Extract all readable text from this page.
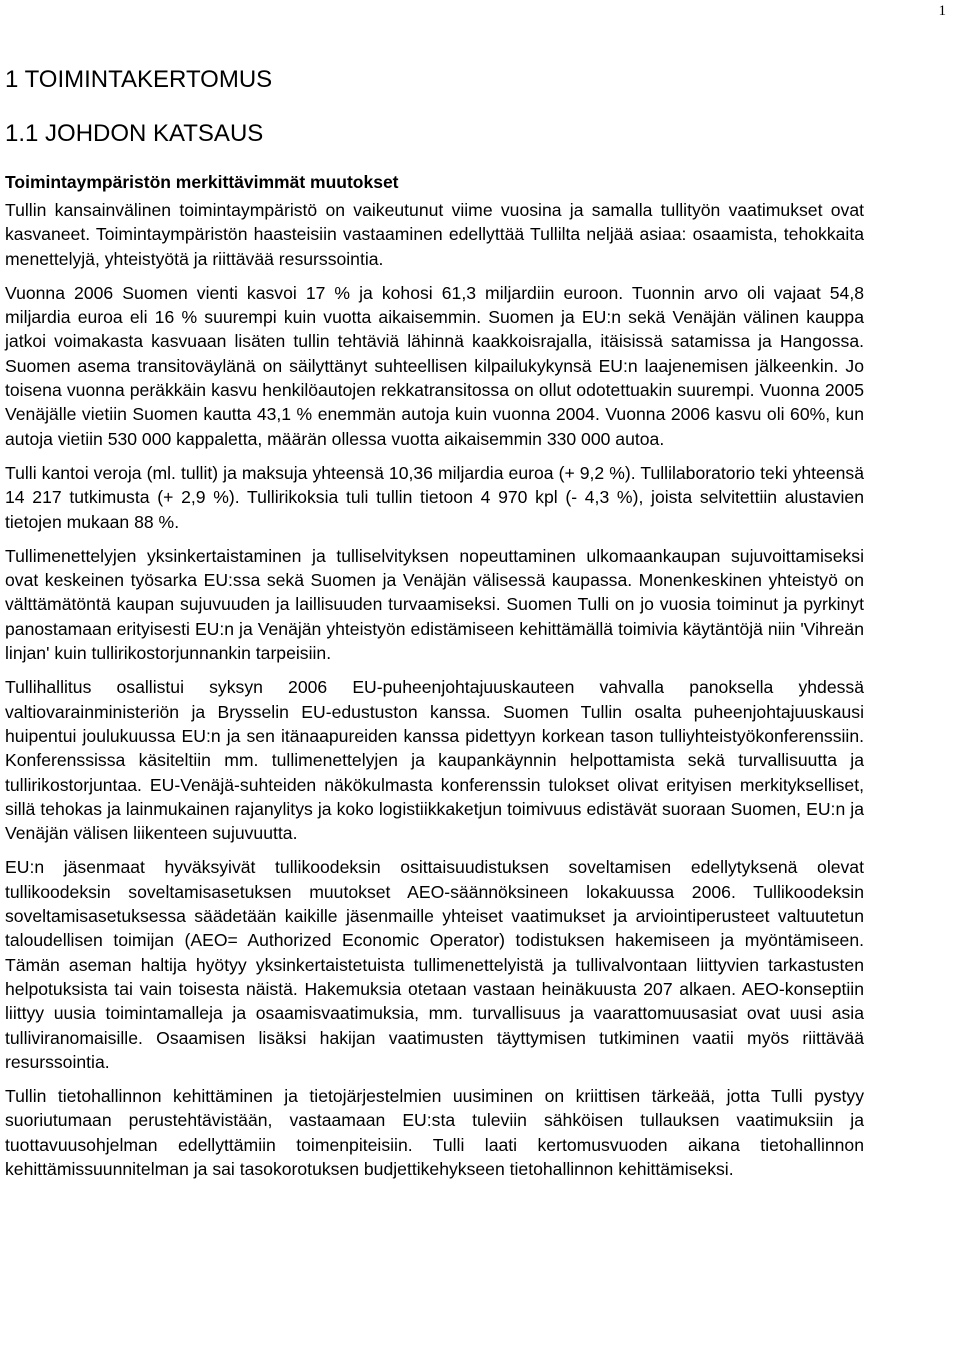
1
1 TOIMINTAKERTOMUS
1.1 JOHDON KATSAUS
Toimintaympäristön merkittävimmät muutokset

Tullin kansainvälinen toimintaympäristö on vaikeutunut viime vuosina ja samalla tullityön vaatimukset ovat kasvaneet. Toimintaympäristön haasteisiin vastaaminen edellyttää Tullilta neljää asiaa: osaamista, tehokkaita menettelyjä, yhteistyötä ja riittävää resurssointia.

Vuonna 2006 Suomen vienti kasvoi 17 % ja kohosi 61,3 miljardiin euroon. Tuonnin arvo oli vajaat 54,8 miljardia euroa eli 16 % suurempi kuin vuotta aikaisemmin. Suomen ja EU:n sekä Venäjän välinen kauppa jatkoi voimakasta kasvuaan lisäten tullin tehtäviä lähinnä kaakkoisrajalla, itäisissä satamissa ja Hangossa. Suomen asema transitoväylänä on säilyttänyt suhteellisen kilpailukykynsä EU:n laajenemisen jälkeenkin. Jo toisena vuonna peräkkäin kasvu henkilöautojen rekkatransitossa on ollut odotettuakin suurempi. Vuonna 2005 Venäjälle vietiin Suomen kautta 43,1 % enemmän autoja kuin vuonna 2004. Vuonna 2006 kasvu oli 60%, kun autoja vietiin 530 000 kappaletta, määrän ollessa vuotta aikaisemmin 330 000 autoa.

Tulli kantoi veroja (ml. tullit) ja maksuja yhteensä 10,36 miljardia euroa (+ 9,2 %). Tullilaboratorio teki yhteensä 14 217 tutkimusta (+ 2,9 %). Tullirikoksia tuli tullin tietoon 4 970 kpl (- 4,3 %), joista selvitettiin alustavien tietojen mukaan 88 %.

Tullimenettelyjen yksinkertaistaminen ja tulliselvityksen nopeuttaminen ulkomaankaupan sujuvoittamiseksi ovat keskeinen työsarka EU:ssa sekä Suomen ja Venäjän välisessä kaupassa. Monenkeskinen yhteistyö on välttämätöntä kaupan sujuvuuden ja laillisuuden turvaamiseksi. Suomen Tulli on jo vuosia toiminut ja pyrkinyt panostamaan erityisesti EU:n ja Venäjän yhteistyön edistämiseen kehittämällä toimivia käytäntöjä niin 'Vihreän linjan' kuin tullirikostorjunnankin tarpeisiin.

Tullihallitus osallistui syksyn 2006 EU-puheenjohtajuuskauteen vahvalla panoksella yhdessä valtiovarainministeriön ja Brysselin EU-edustuston kanssa. Suomen Tullin osalta puheenjohtajuuskausi huipentui joulukuussa EU:n ja sen itänaapureiden kanssa pidettyyn korkean tason tulliyhteistyökonferenssiin. Konferenssissa käsiteltiin mm. tullimenettelyjen ja kaupankäynnin helpottamista sekä turvallisuutta ja tullirikostorjuntaa. EU-Venäjä-suhteiden näkökulmasta konferenssin tulokset olivat erityisen merkitykselliset, sillä tehokas ja lainmukainen rajanylitys ja koko logistiikkaketjun toimivuus edistävät suoraan Suomen, EU:n ja Venäjän välisen liikenteen sujuvuutta.

EU:n jäsenmaat hyväksyivät tullikoodeksin osittaisuudistuksen soveltamisen edellytyksenä olevat tullikoodeksin soveltamisasetuksen muutokset AEO-säännöksineen lokakuussa 2006. Tullikoodeksin soveltamisasetuksessa säädetään kaikille jäsenmaille yhteiset vaatimukset ja arviointiperusteet valtuutetun taloudellisen toimijan (AEO= Authorized Economic Operator) todistuksen hakemiseen ja myöntämiseen. Tämän aseman haltija hyötyy yksinkertaistetuista tullimenettelyistä ja tullivalvontaan liittyvien tarkastusten helpotuksista tai vain toisesta näistä. Hakemuksia otetaan vastaan heinäkuusta 207 alkaen. AEO-konseptiin liittyy uusia toimintamalleja ja osaamisvaatimuksia, mm. turvallisuus ja vaarattomuusasiat ovat uusi asia tulliviranomaisille. Osaamisen lisäksi hakijan vaatimusten täyttymisen tutkiminen vaatii myös riittävää resurssointia.

Tullin tietohallinnon kehittäminen ja tietojärjestelmien uusiminen on kriittisen tärkeää, jotta Tulli pystyy suoriutumaan perustehtävistään, vastaamaan EU:sta tuleviin sähköisen tullauksen vaatimuksiin ja tuottavuusohjelman edellyttämiin toimenpiteisiin. Tulli laati kertomusvuoden aikana tietohallinnon kehittämissuunnitelman ja sai tasokorotuksen budjettikehykseen tietohallinnon kehittämiseksi.
